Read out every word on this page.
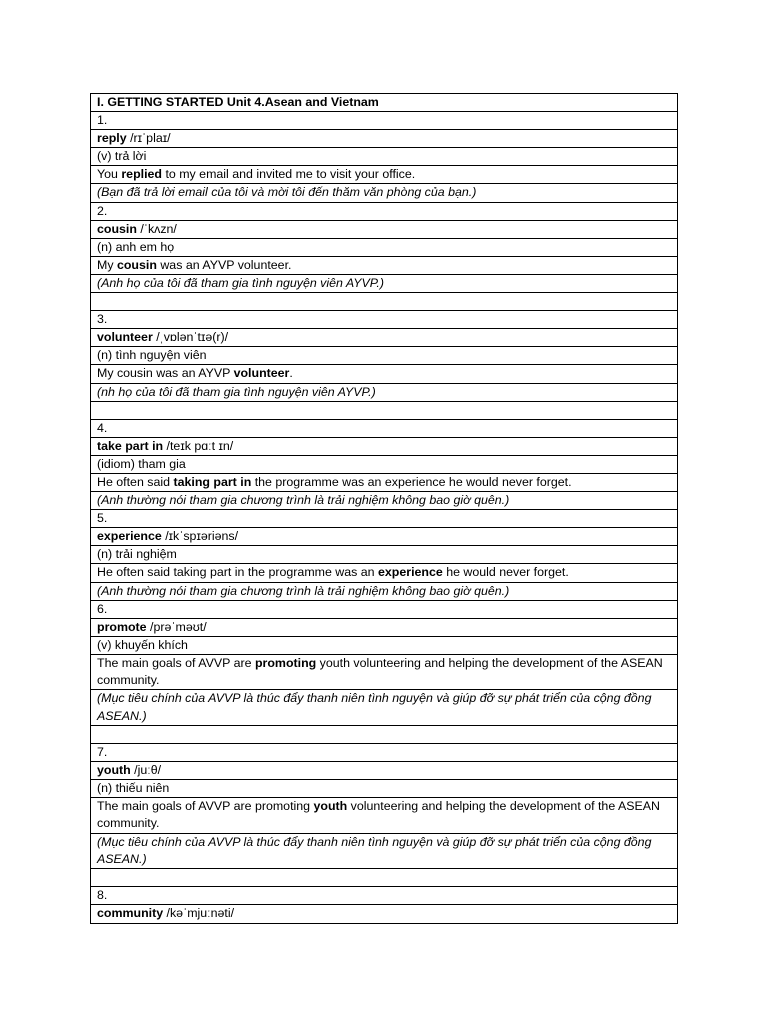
I. GETTING STARTED Unit 4.Asean and Vietnam
1.
reply /rɪˈplaɪ/
(v) trả lời
You replied to my email and invited me to visit your office.
(Bạn đã trả lời email của tôi và mời tôi đến thăm văn phòng của bạn.)
2.
cousin /ˈkʌzn/
(n) anh em họ
My cousin was an AYVP volunteer.
(Anh họ của tôi đã tham gia tình nguyện viên AYVP.)

3.
volunteer /ˌvɒlənˈtɪə(r)/
(n) tình nguyện viên
My cousin was an AYVP volunteer.
(nh họ của tôi đã tham gia tình nguyện viên AYVP.)

4.
take part in /teɪk pɑːt ɪn/
(idiom) tham gia
He often said taking part in the programme was an experience he would never forget.
(Anh thường nói tham gia chương trình là trải nghiệm không bao giờ quên.)
5.
experience /ɪkˈspɪəriəns/
(n) trải nghiệm
He often said taking part in the programme was an experience he would never forget.
(Anh thường nói tham gia chương trình là trải nghiệm không bao giờ quên.)
6.
promote /prəˈməʊt/
(v) khuyến khích
The main goals of AVVP are promoting youth volunteering and helping the development of the ASEAN community.
(Mục tiêu chính của AVVP là thúc đẩy thanh niên tình nguyện và giúp đỡ sự phát triển của cộng đồng ASEAN.)

7.
youth /juːθ/
(n) thiếu niên
The main goals of AVVP are promoting youth volunteering and helping the development of the ASEAN community.
(Mục tiêu chính của AVVP là thúc đẩy thanh niên tình nguyện và giúp đỡ sự phát triển của cộng đồng ASEAN.)

8.
community /kəˈmjuːnəti/
